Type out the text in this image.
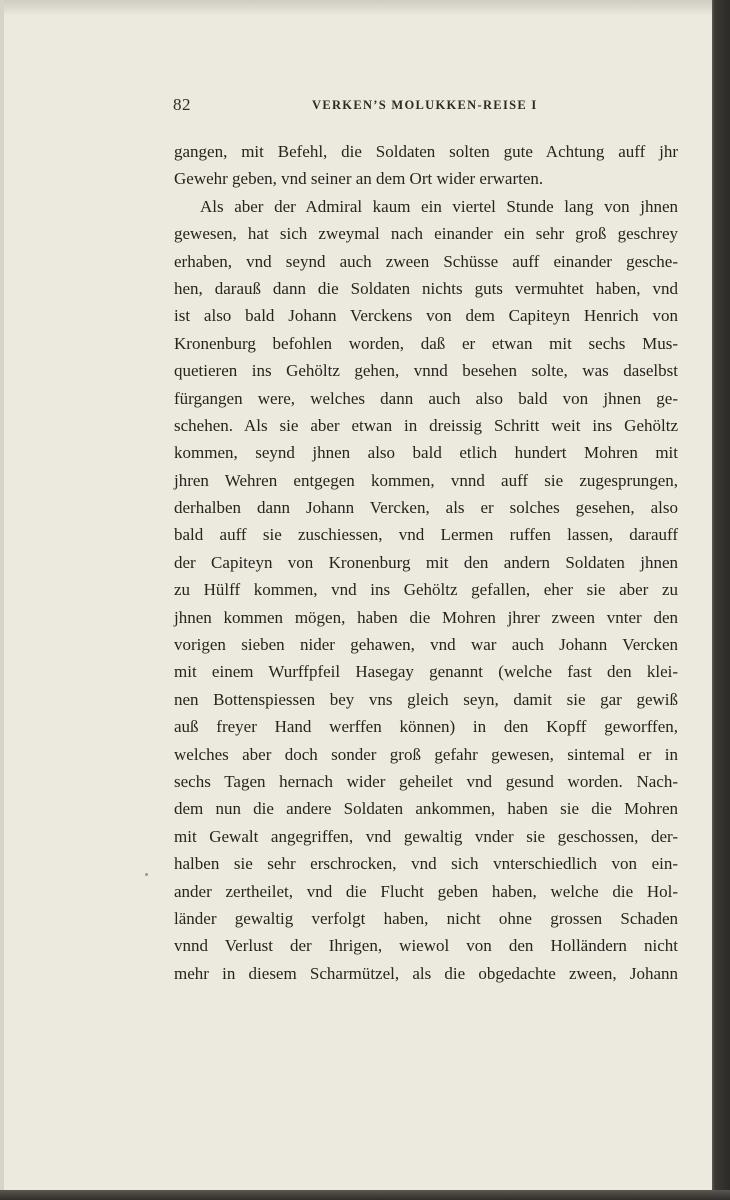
82	VERKEN’S MOLUKKEN-REISE I
gangen, mit Befehl, die Soldaten solten gute Achtung auff jhr
Gewehr geben, vnd seiner an dem Ort wider erwarten.
Als aber der Admiral kaum ein viertel Stunde lang von jhnen
gewesen, hat sich zweymal nach einander ein sehr groß geschrey
erhaben, vnd seynd auch zween Schüsse auff einander gesche-
hen, darauß dann die Soldaten nichts guts vermuhtet haben, vnd
ist also bald Johann Verckens von dem Capiteyn Henrich von
Kronenburg befohlen worden, daß er etwan mit sechs Mus-
quetieren ins Gehöltz gehen, vnnd besehen solte, was daselbst
fürgangen were, welches dann auch also bald von jhnen ge-
schehen. Als sie aber etwan in dreissig Schritt weit ins Gehöltz
kommen, seynd jhnen also bald etlich hundert Mohren mit
jhren Wehren entgegen kommen, vnnd auff sie zugesprungen,
derhalben dann Johann Vercken, als er solches gesehen, also
bald auff sie zuschiessen, vnd Lermen ruffen lassen, darauff
der Capiteyn von Kronenburg mit den andern Soldaten jhnen
zu Hülff kommen, vnd ins Gehöltz gefallen, eher sie aber zu
jhnen kommen mögen, haben die Mohren jhrer zween vnter den
vorigen sieben nider gehawen, vnd war auch Johann Vercken
mit einem Wurffpfeil Hasegay genannt (welche fast den klei-
nen Bottenspiessen bey vns gleich seyn, damit sie gar gewiß
auß freyer Hand werffen können) in den Kopff geworffen,
welches aber doch sonder groß gefahr gewesen, sintemal er in
sechs Tagen hernach wider geheilet vnd gesund worden. Nach-
dem nun die andere Soldaten ankommen, haben sie die Mohren
mit Gewalt angegriffen, vnd gewaltig vnder sie geschossen, der-
halben sie sehr erschrocken, vnd sich vnterschiedlich von ein-
ander zertheilet, vnd die Flucht geben haben, welche die Hol-
länder gewaltig verfolgt haben, nicht ohne grossen Schaden
vnnd Verlust der Ihrigen, wiewol von den Holländern nicht
mehr in diesem Scharmützel, als die obgedachte zween, Johann
